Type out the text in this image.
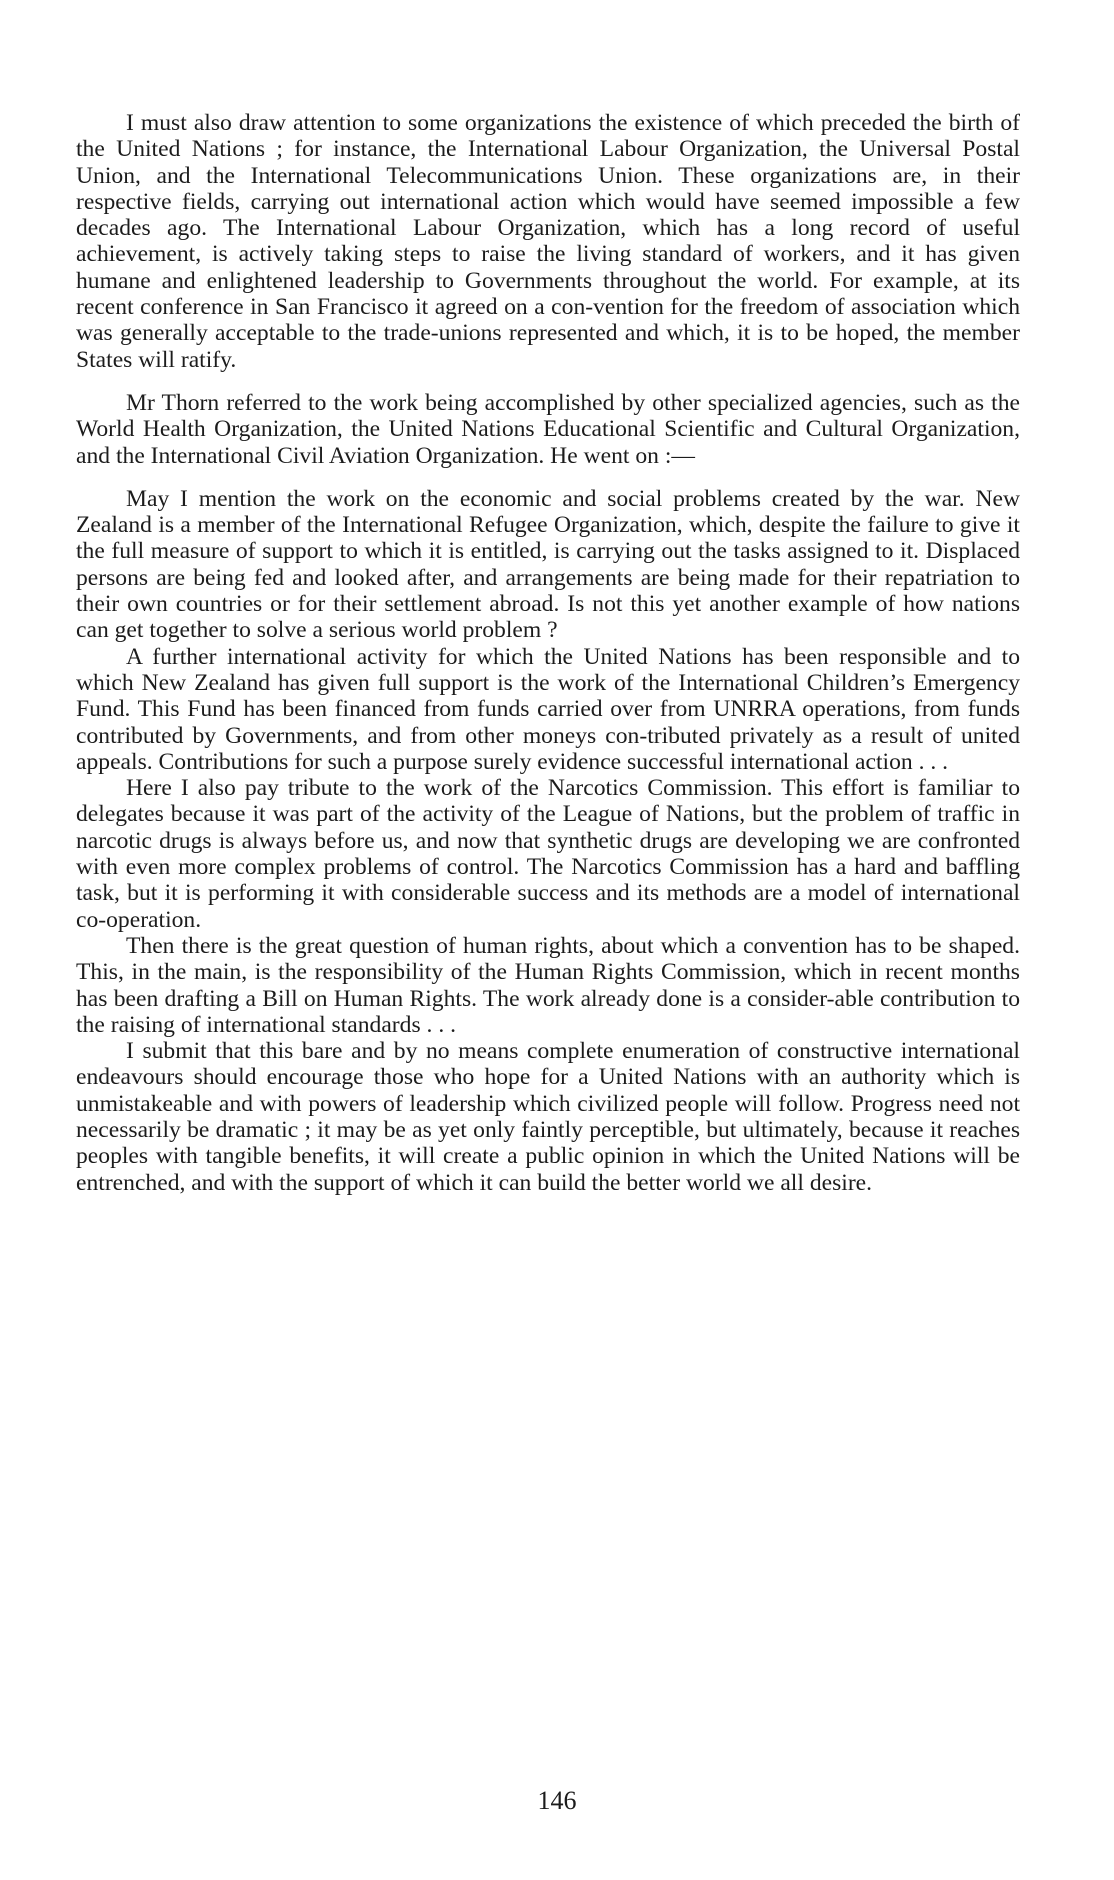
I must also draw attention to some organizations the existence of which preceded the birth of the United Nations ; for instance, the International Labour Organization, the Universal Postal Union, and the International Telecommunications Union. These organizations are, in their respective fields, carrying out international action which would have seemed impossible a few decades ago. The International Labour Organization, which has a long record of useful achievement, is actively taking steps to raise the living standard of workers, and it has given humane and enlightened leadership to Governments throughout the world. For example, at its recent conference in San Francisco it agreed on a con-vention for the freedom of association which was generally acceptable to the trade-unions represented and which, it is to be hoped, the member States will ratify.

Mr Thorn referred to the work being accomplished by other specialized agencies, such as the World Health Organization, the United Nations Educational Scientific and Cultural Organization, and the International Civil Aviation Organization. He went on :—

May I mention the work on the economic and social problems created by the war. New Zealand is a member of the International Refugee Organization, which, despite the failure to give it the full measure of support to which it is entitled, is carrying out the tasks assigned to it. Displaced persons are being fed and looked after, and arrangements are being made for their repatriation to their own countries or for their settlement abroad. Is not this yet another example of how nations can get together to solve a serious world problem ?

A further international activity for which the United Nations has been responsible and to which New Zealand has given full support is the work of the International Children’s Emergency Fund. This Fund has been financed from funds carried over from UNRRA operations, from funds contributed by Governments, and from other moneys con-tributed privately as a result of united appeals. Contributions for such a purpose surely evidence successful international action . . .

Here I also pay tribute to the work of the Narcotics Commission. This effort is familiar to delegates because it was part of the activity of the League of Nations, but the problem of traffic in narcotic drugs is always before us, and now that synthetic drugs are developing we are confronted with even more complex problems of control. The Narcotics Commission has a hard and baffling task, but it is performing it with considerable success and its methods are a model of international co-operation.

Then there is the great question of human rights, about which a convention has to be shaped. This, in the main, is the responsibility of the Human Rights Commission, which in recent months has been drafting a Bill on Human Rights. The work already done is a consider-able contribution to the raising of international standards . . .

I submit that this bare and by no means complete enumeration of constructive international endeavours should encourage those who hope for a United Nations with an authority which is unmistakeable and with powers of leadership which civilized people will follow. Progress need not necessarily be dramatic ; it may be as yet only faintly perceptible, but ultimately, because it reaches peoples with tangible benefits, it will create a public opinion in which the United Nations will be entrenched, and with the support of which it can build the better world we all desire.

146
